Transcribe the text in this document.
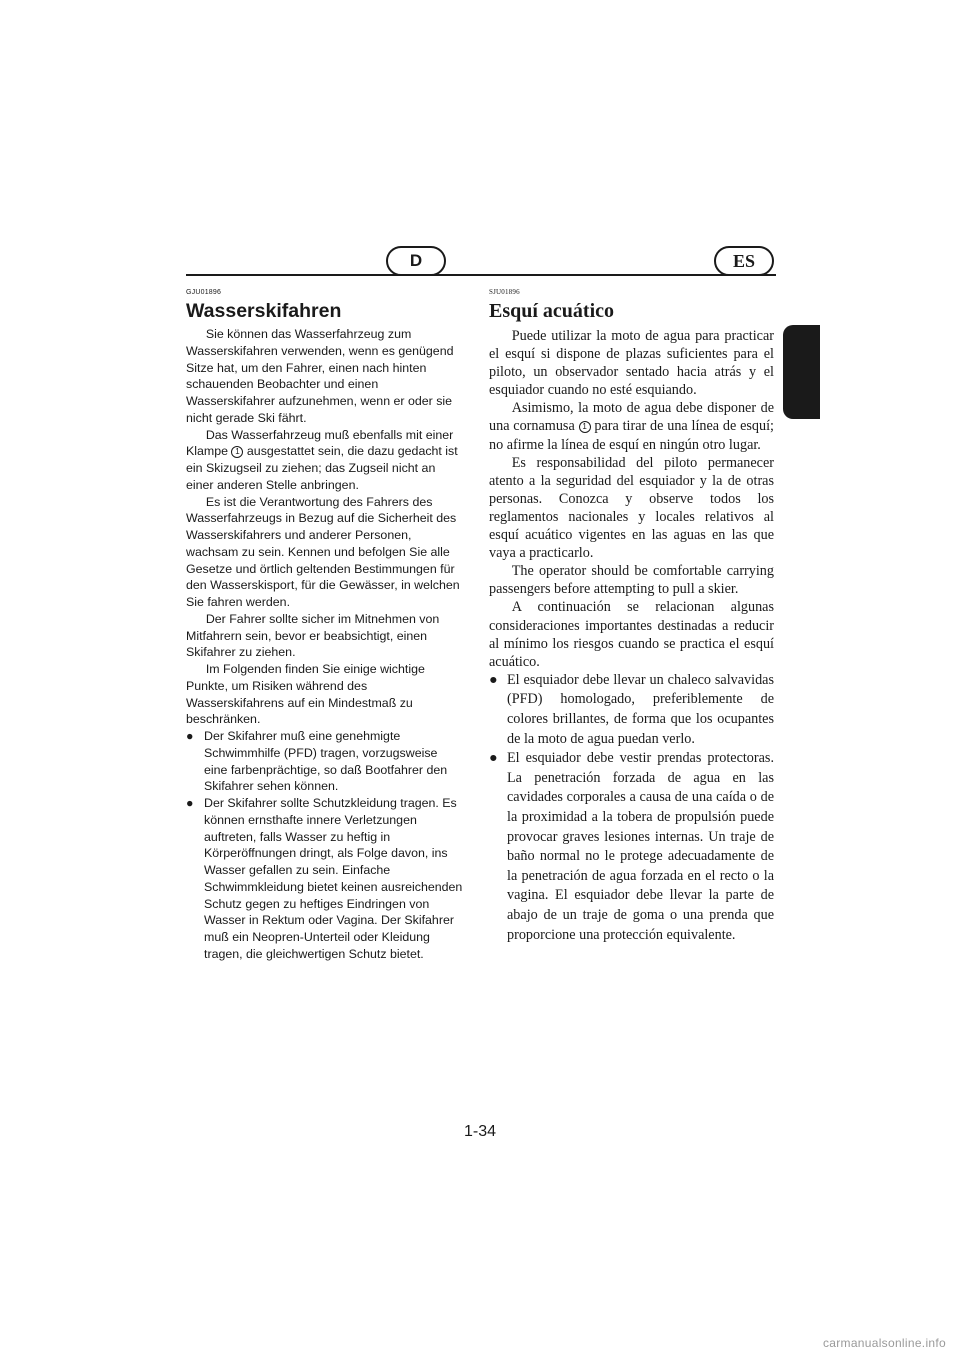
D	ES
GJU01896
Wasserskifahren

Sie können das Wasserfahrzeug zum Wasserskifahren verwenden, wenn es genügend Sitze hat, um den Fahrer, einen nach hinten schauenden Beobachter und einen Wasserskifahrer aufzunehmen, wenn er oder sie nicht gerade Ski fährt.

Das Wasserfahrzeug muß ebenfalls mit einer Klampe 1 ausgestattet sein, die dazu gedacht ist ein Skizugseil zu ziehen; das Zugseil nicht an einer anderen Stelle anbringen.

Es ist die Verantwortung des Fahrers des Wasserfahrzeugs in Bezug auf die Sicherheit des Wasserskifahrers und anderer Personen, wachsam zu sein. Kennen und befolgen Sie alle Gesetze und örtlich geltenden Bestimmungen für den Wasserskisport, für die Gewässer, in welchen Sie fahren werden.

Der Fahrer sollte sicher im Mitnehmen von Mitfahrern sein, bevor er beabsichtigt, einen Skifahrer zu ziehen.

Im Folgenden finden Sie einige wichtige Punkte, um Risiken während des Wasserskifahrens auf ein Mindestmaß zu beschränken.

● Der Skifahrer muß eine genehmigte Schwimmhilfe (PFD) tragen, vorzugsweise eine farbenprächtige, so daß Bootfahrer den Skifahrer sehen können.
● Der Skifahrer sollte Schutzkleidung tragen. Es können ernsthafte innere Verletzungen auftreten, falls Wasser zu heftig in Körperöffnungen dringt, als Folge davon, ins Wasser gefallen zu sein. Einfache Schwimmkleidung bietet keinen ausreichenden Schutz gegen zu heftiges Eindringen von Wasser in Rektum oder Vagina. Der Skifahrer muß ein Neopren-Unterteil oder Kleidung tragen, die gleichwertigen Schutz bietet.
SJU01896
Esquí acuático

Puede utilizar la moto de agua para practicar el esquí si dispone de plazas suficientes para el piloto, un observador sentado hacia atrás y el esquiador cuando no esté esquiando.

Asimismo, la moto de agua debe disponer de una cornamusa 1 para tirar de una línea de esquí; no afirme la línea de esquí en ningún otro lugar.

Es responsabilidad del piloto permanecer atento a la seguridad del esquiador y la de otras personas. Conozca y observe todos los reglamentos nacionales y locales relativos al esquí acuático vigentes en las aguas en las que vaya a practicarlo.

The operator should be comfortable carrying passengers before attempting to pull a skier.

A continuación se relacionan algunas consideraciones importantes destinadas a reducir al mínimo los riesgos cuando se practica el esquí acuático.

● El esquiador debe llevar un chaleco salvavidas (PFD) homologado, preferiblemente de colores brillantes, de forma que los ocupantes de la moto de agua puedan verlo.
● El esquiador debe vestir prendas protectoras. La penetración forzada de agua en las cavidades corporales a causa de una caída o de la proximidad a la tobera de propulsión puede provocar graves lesiones internas. Un traje de baño normal no le protege adecuadamente de la penetración de agua forzada en el recto o la vagina. El esquiador debe llevar la parte de abajo de un traje de goma o una prenda que proporcione una protección equivalente.
1-34
carmanualsonline.info
